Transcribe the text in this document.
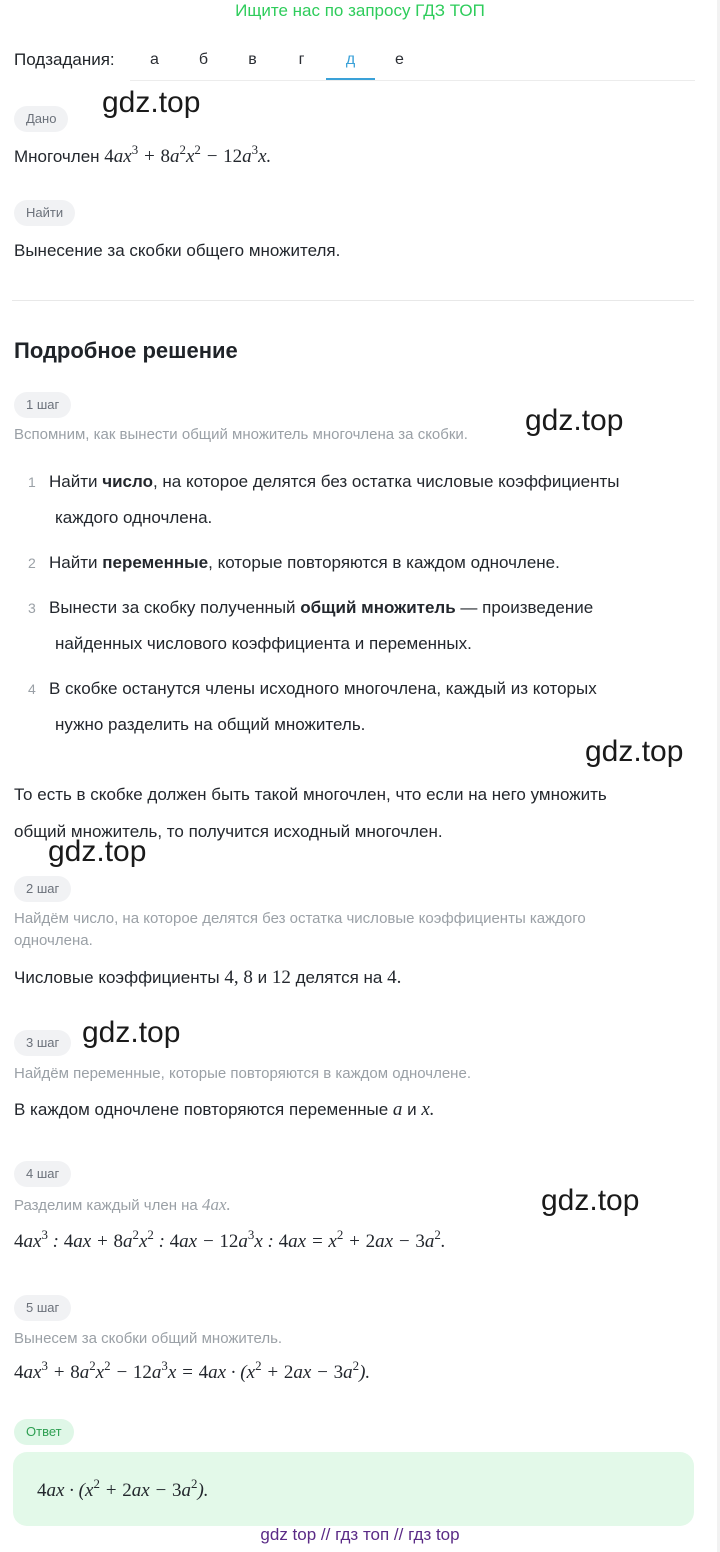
Ищите нас по запросу ГДЗ ТОП
Подзадания:	а	б	в	г	д	е
Дано	gdz.top
Многочлен $4ax^3 + 8a^2x^2 - 12a^3x$.
Найти
Вынесение за скобки общего множителя.
Подробное решение
1 шаг
Вспомним, как вынести общий множитель многочлена за скобки. gdz.top
1 Найти число, на которое делятся без остатка числовые коэффициенты
каждого одночлена.
2 Найти переменные, которые повторяются в каждом одночлене.
3 Вынести за скобку полученный общий множитель — произведение
найденных числового коэффициента и переменных.
4 В скобке останутся члены исходного многочлена, каждый из которых
нужно разделить на общий множитель.
gdz.top
То есть в скобке должен быть такой многочлен, что если на него умножить
общий множитель, то получится исходный многочлен.
gdz.top
2 шаг
Найдём число, на которое делятся без остатка числовые коэффициенты каждого
одночлена.
Числовые коэффициенты 4, 8 и 12 делятся на 4.
3 шаг gdz.top
Найдём переменные, которые повторяются в каждом одночлене.
В каждом одночлене повторяются переменные a и x.
4 шаг
Разделим каждый член на 4ax.	gdz.top
$4ax^3$ : $4ax + 8a^2x^2$ : $4ax - 12a^3x$ : $4ax = x^2 + 2ax - 3a^2$.
5 шаг
Вынесем за скобки общий множитель.
$4ax^3 + 8a^2x^2 - 12a^3x = 4ax \cdot (x^2 + 2ax - 3a^2)$.
Ответ
$4ax \cdot (x^2 + 2ax - 3a^2)$.
gdz top // гдз топ // гдз top
